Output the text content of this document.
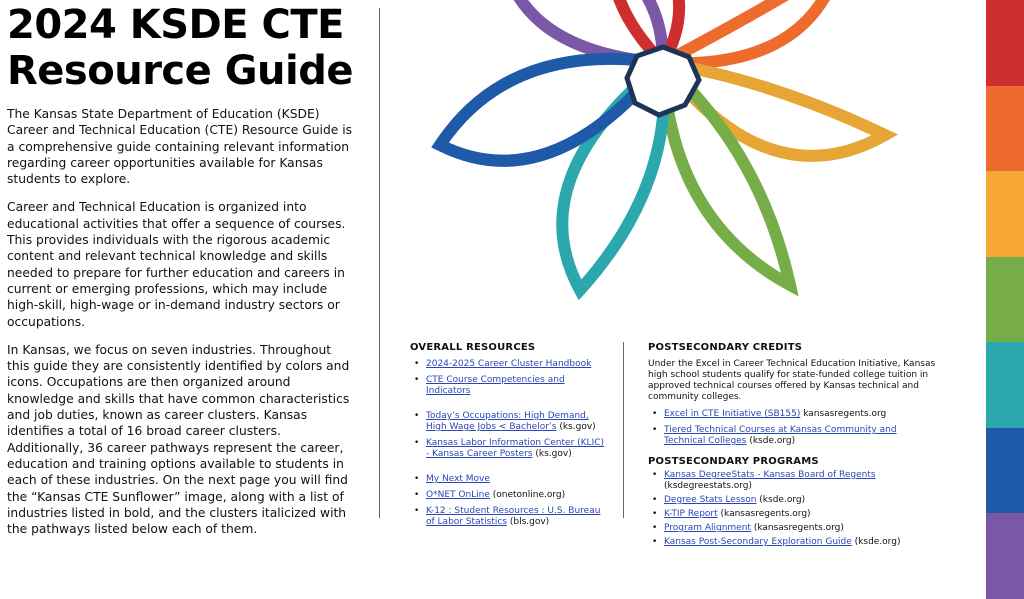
2024 KSDE CTE Resource Guide

The Kansas State Department of Education (KSDE) Career and Technical Education (CTE) Resource Guide is a comprehensive guide containing relevant information regarding career opportunities available for Kansas students to explore.

Career and Technical Education is organized into educational activities that offer a sequence of courses. This provides individuals with the rigorous academic content and relevant technical knowledge and skills needed to prepare for further education and careers in current or emerging professions, which may include high-skill, high-wage or in-demand industry sectors or occupations.

In Kansas, we focus on seven industries. Throughout this guide they are consistently identified by colors and icons. Occupations are then organized around knowledge and skills that have common characteristics and job duties, known as career clusters. Kansas identifies a total of 16 broad career clusters. Additionally, 36 career pathways represent the career, education and training options available to students in each of these industries. On the next page you will find the “Kansas CTE Sunflower” image, along with a list of industries listed in bold, and the clusters italicized with the pathways listed below each of them.

OVERALL RESOURCES
• 2024-2025 Career Cluster Handbook
• CTE Course Competencies and Indicators
• Today’s Occupations: High Demand, High Wage Jobs < Bachelor’s (ks.gov)
• Kansas Labor Information Center (KLIC) - Kansas Career Posters (ks.gov)
• My Next Move
• O*NET OnLine (onetonline.org)
• K-12 : Student Resources : U.S. Bureau of Labor Statistics (bls.gov)
POSTSECONDARY CREDITS

Under the Excel in Career Technical Education Initiative, Kansas high school students qualify for state-funded college tuition in approved technical courses offered by Kansas technical and community colleges.

• Excel in CTE Initiative (SB155) kansasregents.org
• Tiered Technical Courses at Kansas Community and Technical Colleges (ksde.org)
POSTSECONDARY PROGRAMS
• Kansas DegreeStats - Kansas Board of Regents (ksdegreestats.org)
• Degree Stats Lesson (ksde.org)
• K-TIP Report (kansasregents.org)
• Program Alignment (kansasregents.org)
• Kansas Post-Secondary Exploration Guide (ksde.org)
